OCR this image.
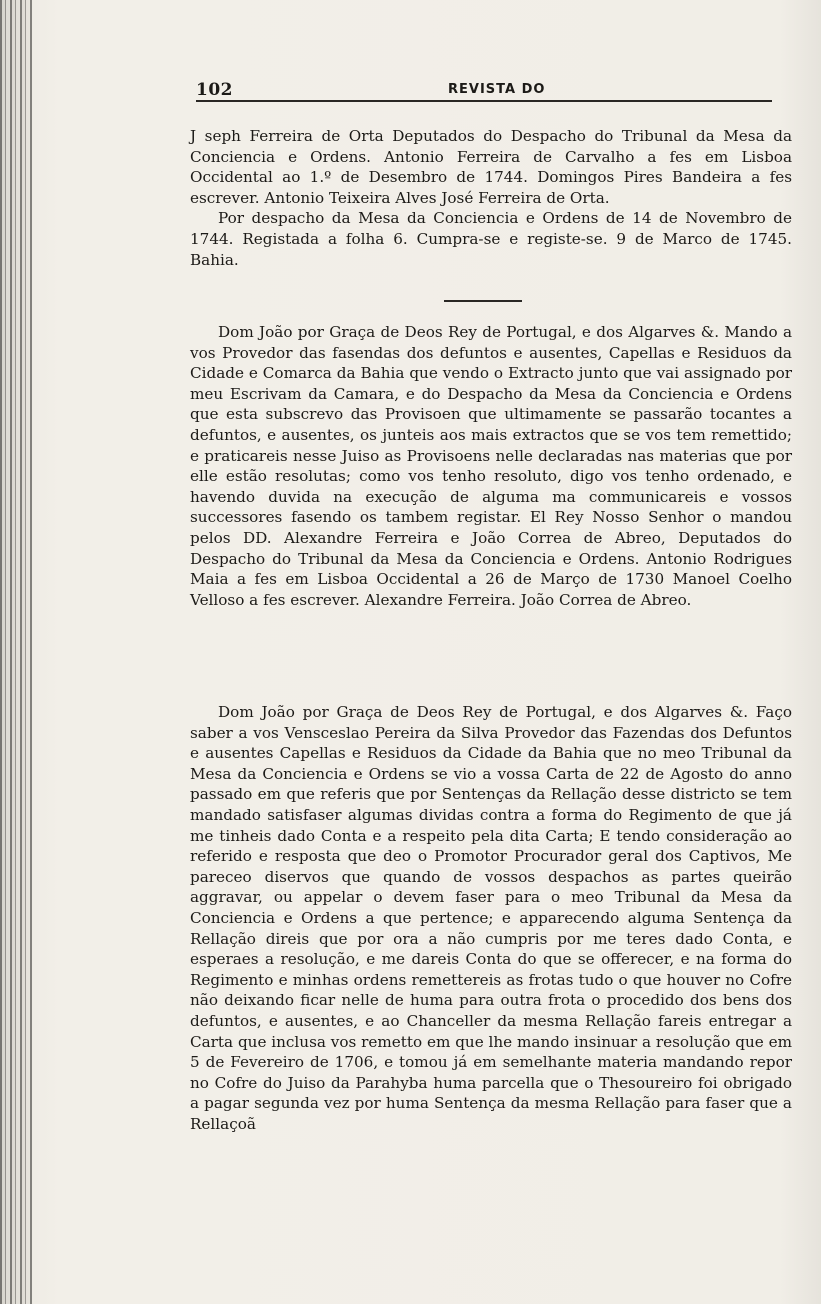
102	REVISTA DO

J seph Ferreira de Orta Deputados do Despacho do Tribunal da Mesa da Conciencia e Ordens. Antonio Ferreira de Carvalho a fes em Lisboa Occidental ao 1.º de Desembro de 1744. Domingos Pires Bandeira a fes escrever. Antonio Teixeira Alves José Ferreira de Orta.

Por despacho da Mesa da Conciencia e Ordens de 14 de Novembro de 1744. Registada a folha 6. Cumpra-se e registe-se. 9 de Marco de 1745. Bahia.

Dom João por Graça de Deos Rey de Portugal, e dos Algarves &. Mando a vos Provedor das fasendas dos defuntos e ausentes, Capellas e Residuos da Cidade e Comarca da Bahia que vendo o Extracto junto que vai assignado por meu Escrivam da Camara, e do Despacho da Mesa da Conciencia e Ordens que esta subscrevo das Provisoen que ultimamente se passarão tocantes a defuntos, e ausentes, os junteis aos mais extractos que se vos tem remettido; e praticareis nesse Juiso as Provisoens nelle declaradas nas materias que por elle estão resolutas; como vos tenho resoluto, digo vos tenho ordenado, e havendo duvida na execução de alguma ma communicareis e vossos successores fasendo os tambem registar. El Rey Nosso Senhor o mandou pelos DD. Alexandre Ferreira e João Correa de Abreo, Deputados do Despacho do Tribunal da Mesa da Conciencia e Ordens. Antonio Rodrigues Maia a fes em Lisboa Occidental a 26 de Março de 1730 Manoel Coelho Velloso a fes escrever. Alexandre Ferreira. João Correa de Abreo.

Dom João por Graça de Deos Rey de Portugal, e dos Algarves &. Faço saber a vos Vensceslao Pereira da Silva Provedor das Fazendas dos Defuntos e ausentes Capellas e Residuos da Cidade da Bahia que no meo Tribunal da Mesa da Conciencia e Ordens se vio a vossa Carta de 22 de Agosto do anno passado em que referis que por Sentenças da Rellação desse districto se tem mandado satisfaser algumas dividas contra a forma do Regimento de que já me tinheis dado Conta e a respeito pela dita Carta; E tendo consideração ao referido e resposta que deo o Promotor Procurador geral dos Captivos, Me pareceo diservos que quando de vossos despachos as partes queirão aggravar, ou appelar o devem faser para o meo Tribunal da Mesa da Conciencia e Ordens a que pertence; e apparecendo alguma Sentença da Rellação direis que por ora a não cumpris por me teres dado Conta, e esperaes a resolução, e me dareis Conta do que se offerecer, e na forma do Regimento e minhas ordens remettereis as frotas tudo o que houver no Cofre não deixando ficar nelle de huma para outra frota o procedido dos bens dos defuntos, e ausentes, e ao Chanceller da mesma Rellação fareis entregar a Carta que inclusa vos remetto em que lhe mando insinuar a resolução que em 5 de Fevereiro de 1706, e tomou já em semelhante materia mandando repor no Cofre do Juiso da Parahyba huma parcella que o Thesoureiro foi obrigado a pagar segunda vez por huma Sentença da mesma Rellação para faser que a Rellaçoã
